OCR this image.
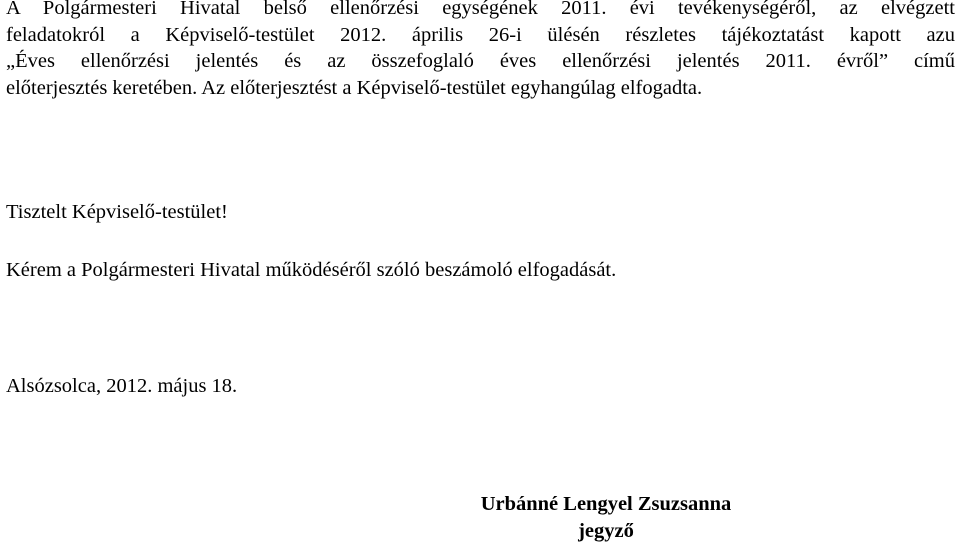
A Polgármesteri Hivatal belső ellenőrzési egységének 2011. évi tevékenységéről, az elvégzett
feladatokról a Képviselő-testület 2012. április 26-i ülésén részletes tájékoztatást kapott azu
„Éves ellenőrzési jelentés és az összefoglaló éves ellenőrzési jelentés 2011. évről” című
előterjesztés keretében. Az előterjesztést a Képviselő-testület egyhangúlag elfogadta.
Tisztelt Képviselő-testület!
Kérem a Polgármesteri Hivatal működéséről szóló beszámoló elfogadását.
Alsózsolca, 2012. május 18.
Urbánné Lengyel Zsuzsanna
jegyző
